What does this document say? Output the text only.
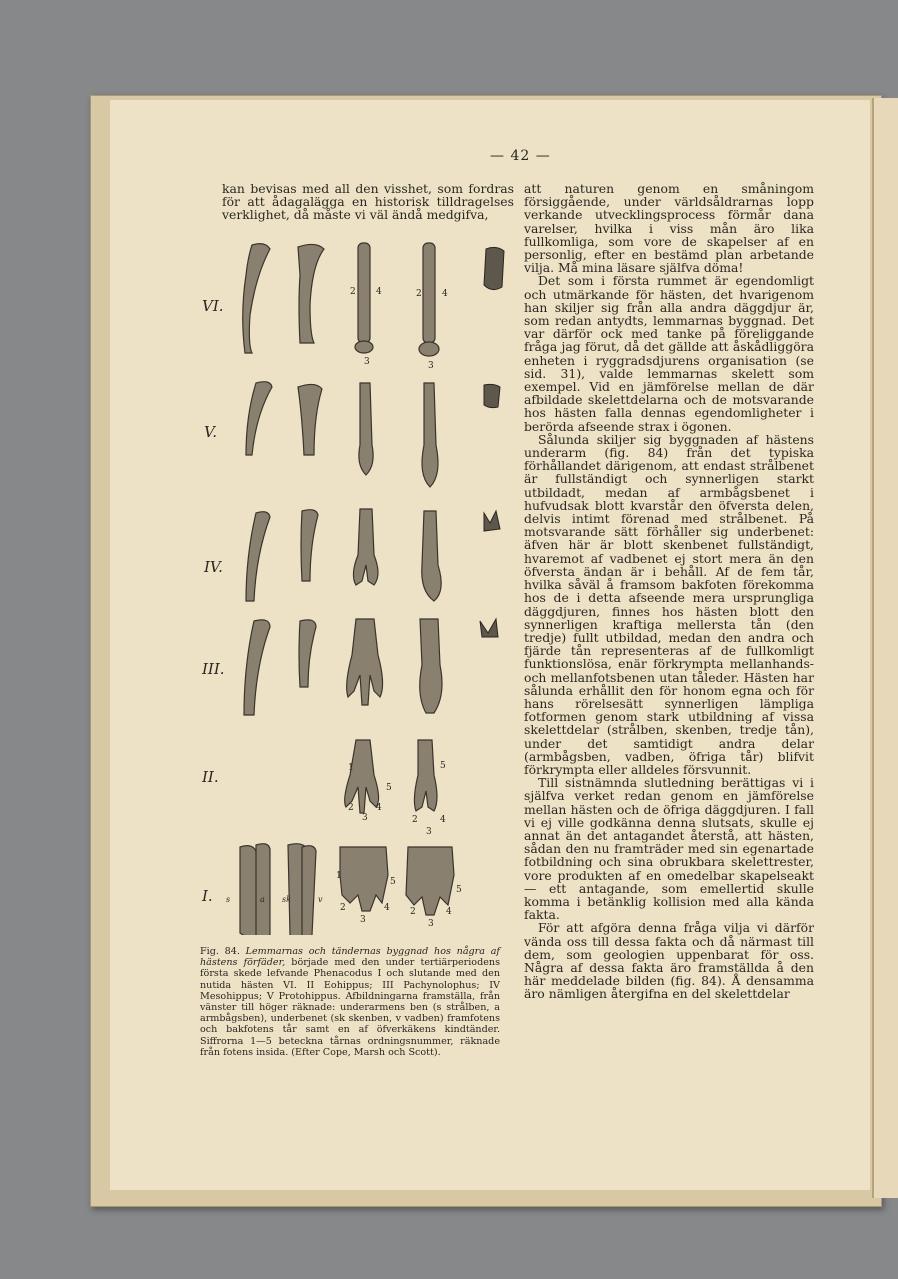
— 42 —

kan bevisas med all den visshet, som fordras för att ådagalägga en historisk tilldragelses verklighet, då måste vi väl ändå medgifva,

VI.
V.
IV.
III.
II.
I.
2 4	2 4
3	3
1
5
5
2 4
2 4
3
3
1
5
5
2	4 2	4
3	3
s	a sk	v
Fig. 84. Lemmarnas och tändernas byggnad hos några af hästens förfäder, började med den under tertiärperiodens första skede lefvande Phenacodus I och slutande med den nutida hästen VI. II Eohippus; III Pachynolophus; IV Mesohippus; V Protohippus. Afbildningarna framställa, från vänster till höger räknade: underarmens ben (s strålben, a armbågsben), underbenet (sk skenben, v vadben) framfotens och bakfotens tår samt en af öfverkäkens kindtänder. Siffrorna 1—5 beteckna tårnas ordningsnummer, räknade från fotens insida. (Efter Cope, Marsh och Scott).

att naturen genom en småningom försiggående, under världsåldrarnas lopp verkande utvecklingsprocess förmår dana varelser, hvilka i viss mån äro lika fullkomliga, som vore de skapelser af en personlig, efter en bestämd plan arbetande vilja. Må mina läsare själfva döma!

Det som i första rummet är egendomligt och utmärkande för hästen, det hvarigenom han skiljer sig från alla andra däggdjur är, som redan antydts, lemmarnas byggnad. Det var därför ock med tanke på föreliggande fråga jag förut, då det gällde att åskådliggöra enheten i ryggradsdjurens organisation (se sid. 31), valde lemmarnas skelett som exempel. Vid en jämförelse mellan de där afbildade skelettdelarna och de motsvarande hos hästen falla dennas egendomligheter i berörda afseende strax i ögonen.

Sålunda skiljer sig byggnaden af hästens underarm (fig. 84) från det typiska förhållandet därigenom, att endast strålbenet är fullständigt och synnerligen starkt utbildadt, medan af armbågsbenet i hufvudsak blott kvarstår den öfversta delen, delvis intimt förenad med strålbenet. På motsvarande sätt förhåller sig underbenet: äfven här är blott skenbenet fullständigt, hvaremot af vadbenet ej stort mera än den öfversta ändan är i behåll. Af de fem tår, hvilka såväl å framsom bakfoten förekomma hos de i detta afseende mera ursprungliga däggdjuren, finnes hos hästen blott den synnerligen kraftiga mellersta tån (den tredje) fullt utbildad, medan den andra och fjärde tån representeras af de fullkomligt funktionslösa, enär förkrympta mellanhands- och mellanfotsbenen utan tåleder. Hästen har sålunda erhållit den för honom egna och för hans rörelsesätt synnerligen lämpliga fotformen genom stark utbildning af vissa skelettdelar (strålben, skenben, tredje tån), under det samtidigt andra delar (armbågsben, vadben, öfriga tår) blifvit förkrympta eller alldeles försvunnit.

Till sistnämnda slutledning berättigas vi i själfva verket redan genom en jämförelse mellan hästen och de öfriga däggdjuren. I fall vi ej ville godkänna denna slutsats, skulle ej annat än det antagandet återstå, att hästen, sådan den nu framträder med sin egenartade fotbildning och sina obrukbara skelettrester, vore produkten af en omedelbar skapelseakt — ett antagande, som emellertid skulle komma i betänklig kollision med alla kända fakta.

För att afgöra denna fråga vilja vi därför vända oss till dessa fakta och då närmast till dem, som geologien uppenbarat för oss. Några af dessa fakta äro framställda å den här meddelade bilden (fig. 84). Å densamma äro nämligen återgifna en del skelettdelar
